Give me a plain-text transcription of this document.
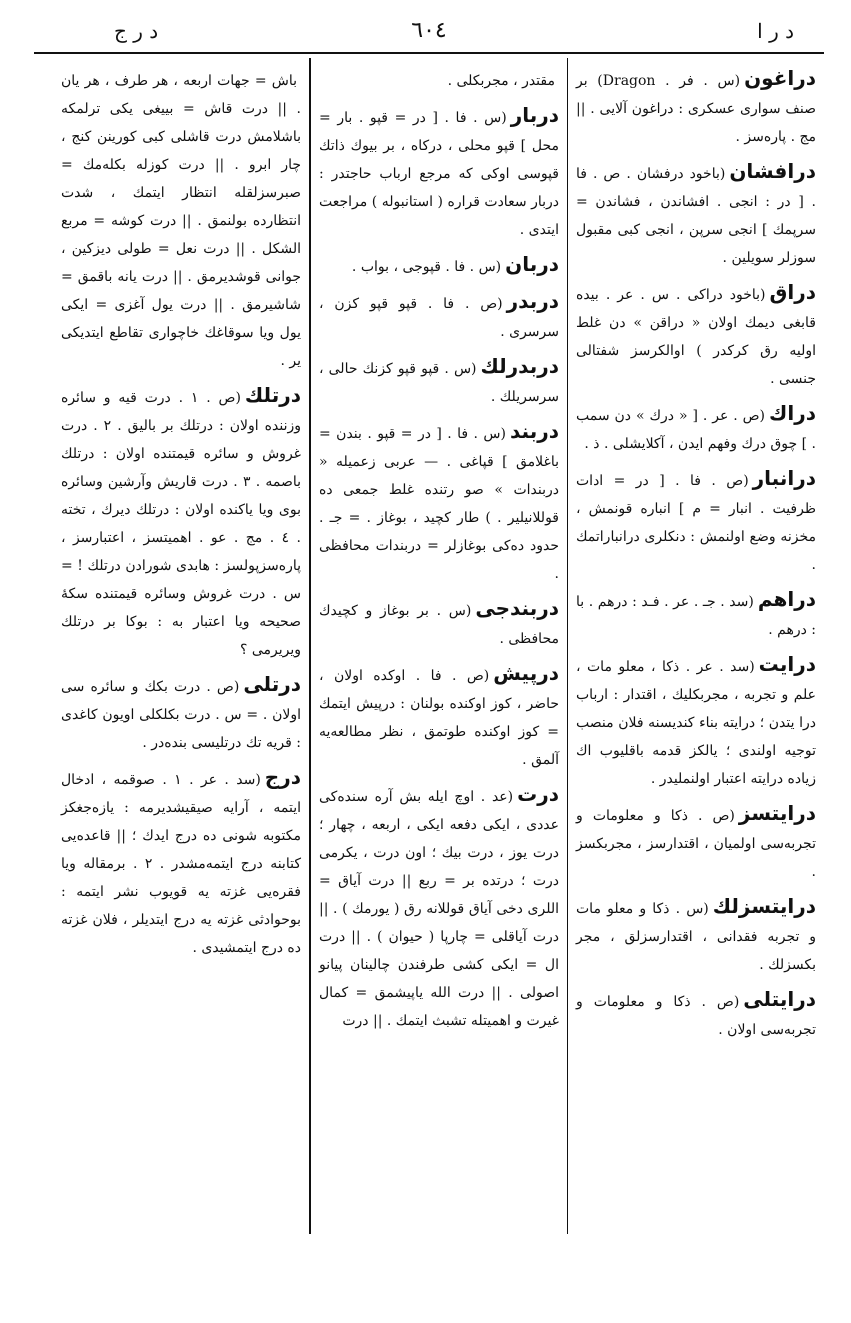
د ر ا
٦٠٤
د ر ج
دراغون(س . فر . Dragon) بر صنف سواری عسکری : دراغون آلایی . || مج . پارەسز .
درافشان(باخود درفشان . ص . فا . [ در : انجی . افشاندن ، فشاندن = سرپمك ] انجی سرپن ، انجی کبی مقبول سوزلر سویلین .
دراق(باخود دراکی . س . عر . بیده قابغی دیمك اولان « دراقن » دن غلط اولیه رق کرکدر ) اوالکرسز شفتالی جنسی .
دراك(ص . عر . [ « درك » دن سمب . ] چوق درك وفهم ایدن ، آکلایشلی . ذ .
درانبار(ص . فا . [ در = ادات ظرفیت . انبار = م ] انباره قونمش ، مخزنه وضع اولنمش : دنکلری درانباراتمك .
دراهم(سد . جـ . عر . فـد : درهم . با : درهم .
درایت(سد . عر . ذکا ، معلو مات ، علم و تجربه ، مجربکلیك ، اقتدار : ارباب درا یتدن ؛ درایته بناء کندیسنه فلان منصب توجیه اولندی ؛ یالکز قدمه باقلیوب اك زیاده درایته اعتبار اولنملیدر .
درایتسز(ص . ذکا و معلومات و تجربەسی اولمیان ، اقتدارسز ، مجربکسز .
درایتسزلك(س . ذکا و معلو مات و تجربه فقدانی ، اقتدارسزلق ، مجر بکسزلك .
درایتلی(ص . ذکا و معلومات و تجربەسی اولان .
مقتدر ، مجربکلی .
دربار(س . فا . [ در = قپو . بار = محل ] قپو محلی ، درکاه ، بر بیوك ذاتك قپوسی اوکی که مرجع ارباب حاجتدر : دربار سعادت قراره ( استانبوله ) مراجعت ایتدی .
دربان(س . فا . قپوجی ، بواب .
دربدر(ص . فا . قپو قپو کزن ، سرسری .
دربدرلك(س . قپو قپو کزنك حالی ، سرسریلك .
دربند(س . فا . [ در = قپو . بندن = باغلامق ] قپاغی . — عربی زعمیله « دربندات » صو رتنده غلط جمعی ده قوللانیلیر . ) طار کچید ، بوغاز . = جـ . حدود دەکی بوغازلر = دربندات محافظی .
دربندجی(س . بر بوغاز و کچیدك محافظی .
درپیش(ص . فا . اوکده اولان ، حاضر ، کوز اوکنده بولنان : درپیش ایتمك = کوز اوکنده طوتمق ، نظر مطالعەیه آلمق .
درت(عد . اوچ ایله بش آره سندەکی عددی ، ایکی دفعه ایکی ، اربعه ، چهار ؛ درت یوز ، درت بیك ؛ اون درت ، یکرمی درت ؛ درتده بر = ربع || درت آیاق = اللری دخی آیاق قوللانه رق ( یورمك ) . || درت آیاقلی = چارپا ( حیوان ) . || درت ال = ایکی کشی طرفندن چالینان پیانو اصولی . || درت الله یاپیشمق = کمال غیرت و اهمیتله تشبث ایتمك . || درت
باش = جهات اربعه ، هر طرف ، هر یان . || درت قاش = بییغی یکی ترلمکه باشلامش درت قاشلی کبی کورینن کنج ، چار ابرو . || درت کوزله بکلەمك = صبرسزلقله انتظار ایتمك ، شدت انتظارده بولنمق . || درت کوشه = مربع الشکل . || درت نعل = طولی دیزکین ، جوانی قوشدیرمق . || درت یانه باقمق = شاشیرمق . || درت یول آغزی = ایکی یول ویا سوقاغك خاچواری تقاطع ایتدیکی یر .
درتلك(ص . ١ . درت قیه و سائره وزننده اولان : درتلك بر بالیق . ٢ . درت غروش و سائره قیمتنده اولان : درتلك باصمه . ٣ . درت قاریش وآرشین وسائره بوی ویا یاکنده اولان : درتلك دیرك ، تخته . ٤ . مج . عو . اهمیتسز ، اعتبارسز ، پارەسزپولسز : هابدی شورادن درتلك ! = س . درت غروش وسائره قیمتنده سکۀ صحیحه ویا اعتبار به : بوکا بر درتلك ویریرمی ؟
درتلی(ص . درت بکك و سائره سی اولان . = س . درت بکلكلی اویون کاغدی : قریه تك درتلیسی بندەدر .
درج(سد . عر . ١ . صوقمه ، ادخال ایتمه ، آرایه صیقیشدیرمه : یازەجغکز مکتوبه شونی ده درج ایدك ؛ || قاعدەیی کتابنه درج ایتمەمشدر . ٢ . برمقاله ویا فقرەیی غزته یه قویوب نشر ایتمه : بوحوادثی غزته یه درج ایتدیلر ، فلان غزته ده درج ایتمشیدی .
